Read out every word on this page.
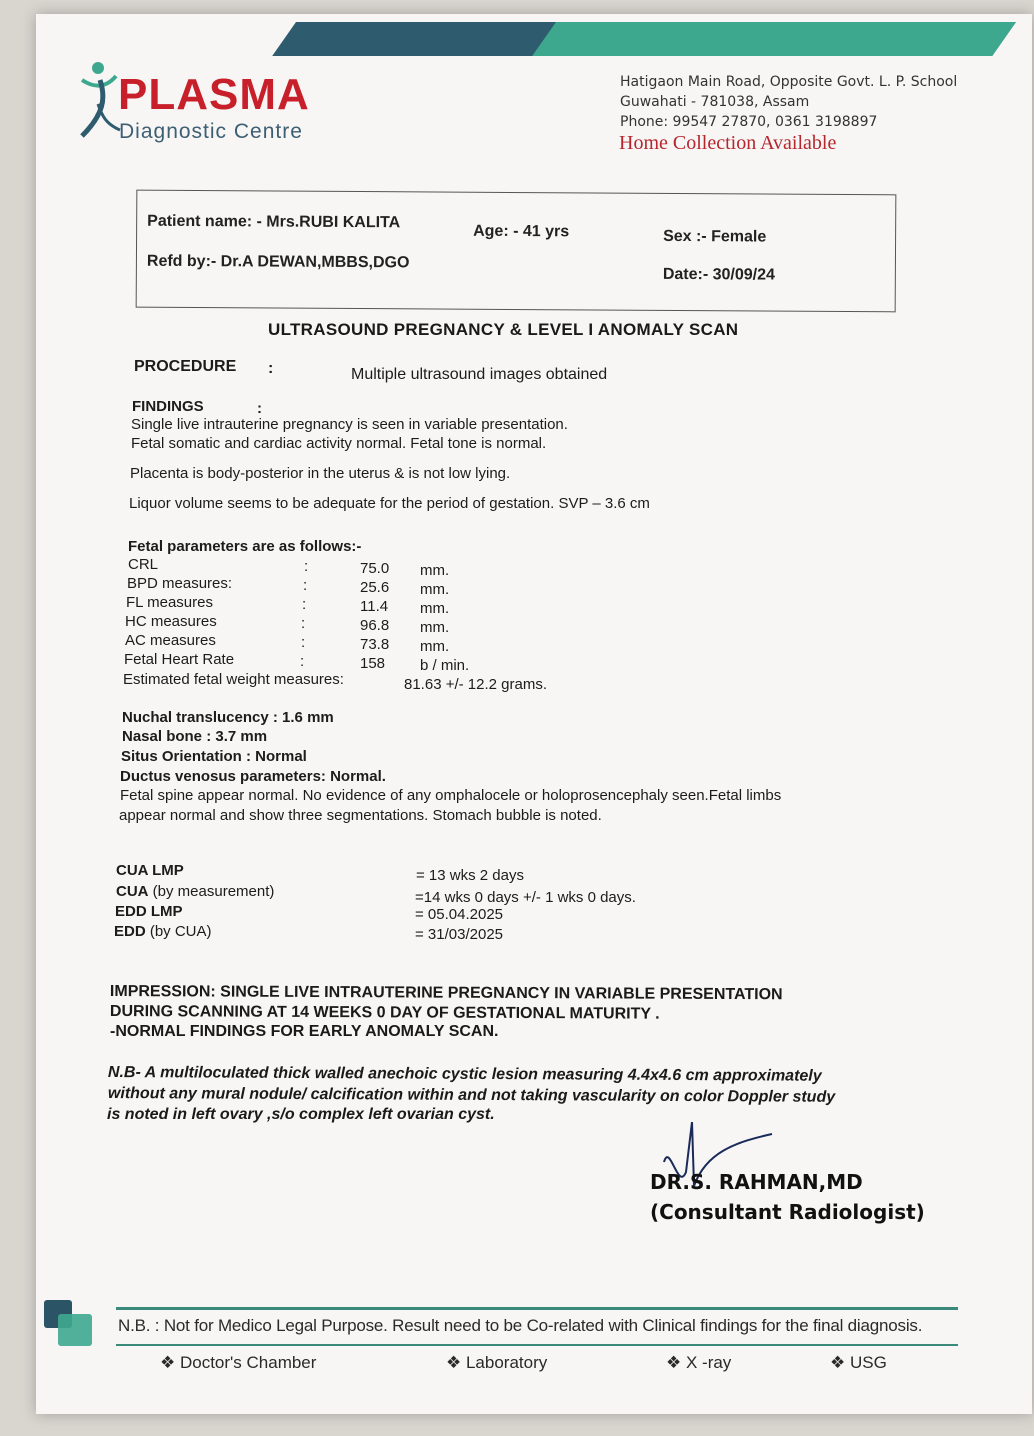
PLASMA
Diagnostic Centre
Hatigaon Main Road, Opposite Govt. L. P. School
Guwahati - 781038, Assam
Phone: 99547 27870, 0361 3198897
Home Collection Available
Patient name: - Mrs.RUBI KALITA
Age: - 41 yrs	Sex :- Female
Refd by:- Dr.A DEWAN,MBBS,DGO
Date:- 30/09/24
ULTRASOUND PREGNANCY & LEVEL I ANOMALY SCAN
PROCEDURE :	Multiple ultrasound images obtained
FINDINGS	:
Single live intrauterine pregnancy is seen in variable presentation.
Fetal somatic and cardiac activity normal. Fetal tone is normal.
Placenta is body-posterior in the uterus & is not low lying.
Liquor volume seems to be adequate for the period of gestation. SVP – 3.6 cm
Fetal parameters are as follows:-
CRL	:	75.0 mm.
BPD measures:	:	25.6 mm.
FL measures	:	11.4 mm.
HC measures	:	96.8 mm.
AC measures	:	73.8 mm.
Fetal Heart Rate	:	158 b / min.
Estimated fetal weight measures:	81.63 +/- 12.2 grams.
Nuchal translucency : 1.6 mm
Nasal bone : 3.7 mm
Situs Orientation : Normal
Ductus venosus parameters: Normal.
Fetal spine appear normal. No evidence of any omphalocele or holoprosencephaly seen.Fetal limbs
appear normal and show three segmentations. Stomach bubble is noted.
CUA LMP	= 13 wks 2 days
CUA (by measurement)	=14 wks 0 days +/- 1 wks 0 days.
EDD LMP	= 05.04.2025
EDD (by CUA)	= 31/03/2025
IMPRESSION: SINGLE LIVE INTRAUTERINE PREGNANCY IN VARIABLE PRESENTATION
DURING SCANNING AT 14 WEEKS 0 DAY OF GESTATIONAL MATURITY .
-NORMAL FINDINGS FOR EARLY ANOMALY SCAN.
N.B- A multiloculated thick walled anechoic cystic lesion measuring 4.4x4.6 cm approximately
without any mural nodule/ calcification within and not taking vascularity on color Doppler study
is noted in left ovary ,s/o complex left ovarian cyst.
DR.S. RAHMAN,MD
(Consultant Radiologist)
N.B. : Not for Medico Legal Purpose. Result need to be Co-related with Clinical findings for the final diagnosis.
❖ Doctor's Chamber	❖ Laboratory	❖ X -ray	❖ USG
